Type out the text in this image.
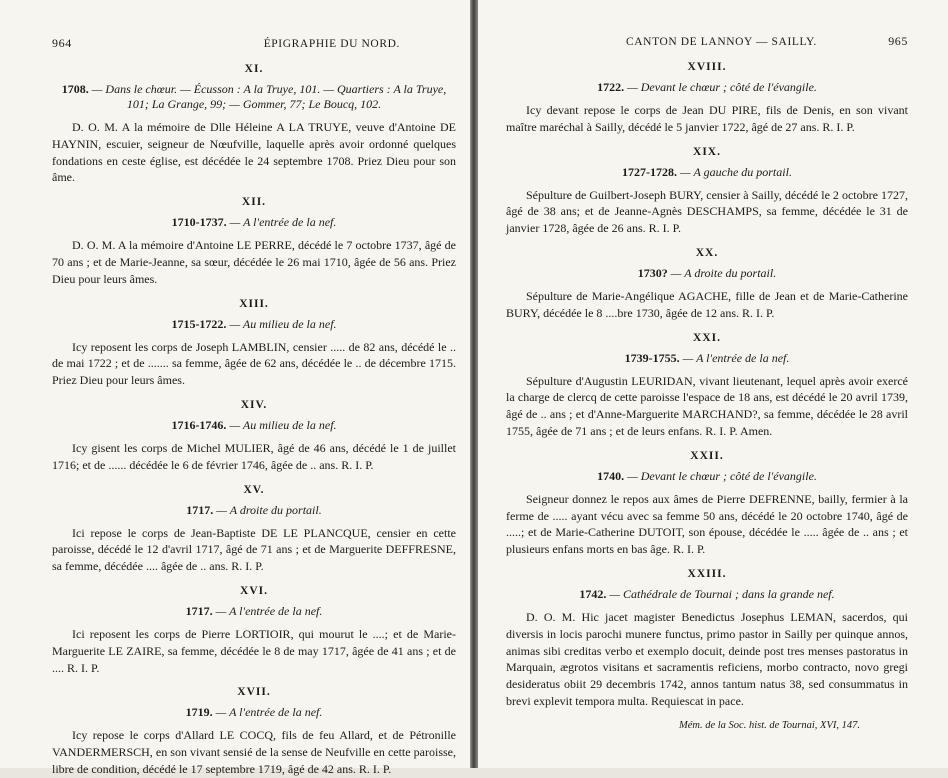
964	ÉPIGRAPHIE DU NORD.
XI.
1708. — Dans le chœur. — Écusson : A la Truye, 101. — Quartiers : A la Truye, 101; La Grange, 99; — Gommer, 77; Le Boucq, 102.

D. O. M. A la mémoire de Dlle Héleine A LA TRUYE, veuve d'Antoine DE HAYNIN, escuier, seigneur de Nœufville, laquelle après avoir ordonné quelques fondations en ceste église, est décédée le 24 septembre 1708. Priez Dieu pour son âme.

XII.
1710-1737. — A l'entrée de la nef.

D. O. M. A la mémoire d'Antoine LE PERRE, décédé le 7 octobre 1737, âgé de 70 ans ; et de Marie-Jeanne, sa sœur, décédée le 26 mai 1710, âgée de 56 ans. Priez Dieu pour leurs âmes.

XIII.
1715-1722. — Au milieu de la nef.

Icy reposent les corps de Joseph LAMBLIN, censier ..... de 82 ans, décédé le .. de mai 1722 ; et de ....... sa femme, âgée de 62 ans, décédée le .. de décembre 1715. Priez Dieu pour leurs âmes.

XIV.
1716-1746. — Au milieu de la nef.

Icy gisent les corps de Michel MULIER, âgé de 46 ans, décédé le 1 de juillet 1716; et de ...... décédée le 6 de février 1746, âgée de .. ans. R. I. P.

XV.
1717. — A droite du portail.

Ici repose le corps de Jean-Baptiste DE LE PLANCQUE, censier en cette paroisse, décédé le 12 d'avril 1717, âgé de 71 ans ; et de Marguerite DEFFRESNE, sa femme, décédée .... âgée de .. ans. R. I. P.

XVI.
1717. — A l'entrée de la nef.

Ici reposent les corps de Pierre LORTIOIR, qui mourut le ....; et de Marie-Marguerite LE ZAIRE, sa femme, décédée le 8 de may 1717, âgée de 41 ans ; et de .... R. I. P.

XVII.
1719. — A l'entrée de la nef.

Icy repose le corps d'Allard LE COCQ, fils de feu Allard, et de Pétronille VANDERMERSCH, en son vivant sensié de la sense de Neufville en cette paroisse, libre de condition, décédé le 17 septembre 1719, âgé de 42 ans. R. I. P.

CANTON DE LANNOY — SAILLY.	965
XVIII.
1722. — Devant le chœur ; côté de l'évangile.

Icy devant repose le corps de Jean DU PIRE, fils de Denis, en son vivant maître maréchal à Sailly, décédé le 5 janvier 1722, âgé de 27 ans. R. I. P.

XIX.
1727-1728. — A gauche du portail.

Sépulture de Guilbert-Joseph BURY, censier à Sailly, décédé le 2 octobre 1727, âgé de 38 ans; et de Jeanne-Agnès DESCHAMPS, sa femme, décédée le 31 de janvier 1728, âgée de 26 ans. R. I. P.

XX.
1730? — A droite du portail.

Sépulture de Marie-Angélique AGACHE, fille de Jean et de Marie-Catherine BURY, décédée le 8 ....bre 1730, âgée de 12 ans. R. I. P.

XXI.
1739-1755. — A l'entrée de la nef.

Sépulture d'Augustin LEURIDAN, vivant lieutenant, lequel après avoir exercé la charge de clercq de cette paroisse l'espace de 18 ans, est décédé le 20 avril 1739, âgé de .. ans ; et d'Anne-Marguerite MARCHAND?, sa femme, décédée le 28 avril 1755, âgée de 71 ans ; et de leurs enfans. R. I. P. Amen.

XXII.
1740. — Devant le chœur ; côté de l'évangile.

Seigneur donnez le repos aux âmes de Pierre DEFRENNE, bailly, fermier à la ferme de ..... ayant vécu avec sa femme 50 ans, décédé le 20 octobre 1740, âgé de .....; et de Marie-Catherine DUTOIT, son épouse, décédée le ..... âgée de .. ans ; et plusieurs enfans morts en bas âge. R. I. P.

XXIII.
1742. — Cathédrale de Tournai ; dans la grande nef.

D. O. M. Hic jacet magister Benedictus Josephus LEMAN, sacerdos, qui diversis in locis parochi munere functus, primo pastor in Sailly per quinque annos, animas sibi creditas verbo et exemplo docuit, deinde post tres menses pastoratus in Marquain, ægrotos visitans et sacramentis reficiens, morbo contracto, novo gregi desideratus obiit 29 decembris 1742, annos tantum natus 38, sed consummatus in brevi explevit tempora multa. Requiescat in pace.

Mém. de la Soc. hist. de Tournai, XVI, 147.
